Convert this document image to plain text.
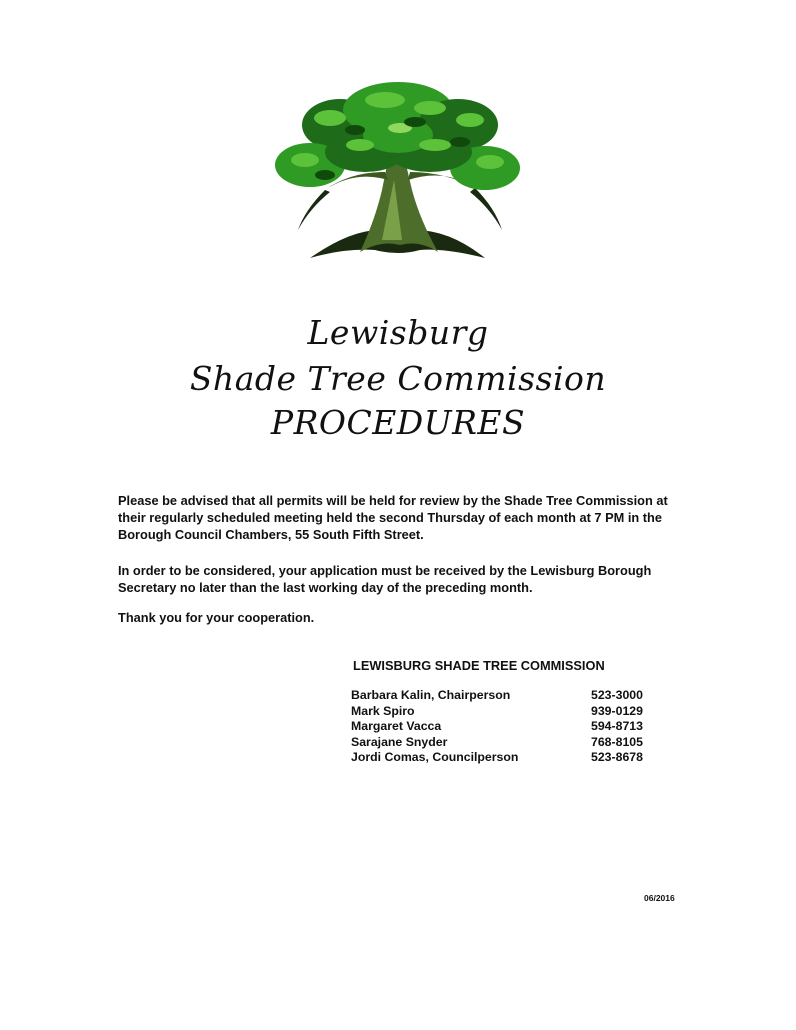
Lewisburg
Shade Tree Commission
PROCEDURES
Please be advised that all permits will be held for review by the Shade Tree Commission at their regularly scheduled meeting held the second Thursday of each month at 7 PM in the Borough Council Chambers, 55 South Fifth Street.
In order to be considered, your application must be received by the Lewisburg Borough Secretary no later than the last working day of the preceding month.
Thank you for your cooperation.
LEWISBURG SHADE TREE COMMISSION
Barbara Kalin, Chairperson	523-3000
Mark Spiro	939-0129
Margaret Vacca	594-8713
Sarajane Snyder	768-8105
Jordi Comas, Councilperson	523-8678
06/2016
